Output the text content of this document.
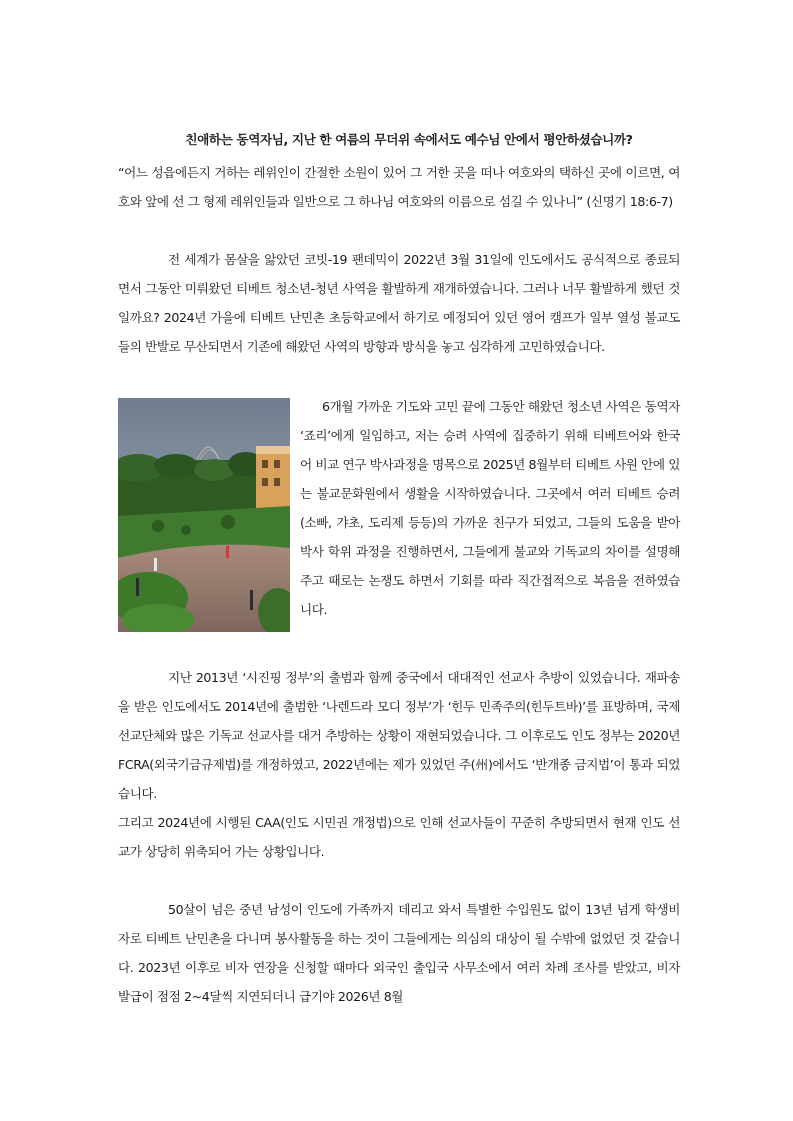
친애하는 동역자님, 지난 한 여름의 무더위 속에서도 예수님 안에서 평안하셨습니까?

“어느 성읍에든지 거하는 레위인이 간절한 소원이 있어 그 거한 곳을 떠나 여호와의 택하신 곳에 이르면, 여호와 앞에 선 그 형제 레위인들과 일반으로 그 하나님 여호와의 이름으로 섬길 수 있나니” (신명기 18:6-7)

전 세계가 몸살을 앓았던 코빗-19 팬데믹이 2022년 3월 31일에 인도에서도 공식적으로 종료되면서 그동안 미뤄왔던 티베트 청소년-청년 사역을 활발하게 재개하였습니다. 그러나 너무 활발하게 했던 것일까요? 2024년 가을에 티베트 난민촌 초등학교에서 하기로 예정되어 있던 영어 캠프가 일부 열성 불교도들의 반발로 무산되면서 기존에 해왔던 사역의 방향과 방식을 놓고 심각하게 고민하였습니다.

6개월 가까운 기도와 고민 끝에 그동안 해왔던 청소년 사역은 동역자 ‘죠리’에게 일임하고, 저는 승려 사역에 집중하기 위해 티베트어와 한국어 비교 연구 박사과정을 명목으로 2025년 8월부터 티베트 사원 안에 있는 불교문화원에서 생활을 시작하였습니다. 그곳에서 여러 티베트 승려(소빠, 갸초, 도리제 등등)의 가까운 친구가 되었고, 그들의 도움을 받아 박사 학위 과정을 진행하면서, 그들에게 불교와 기독교의 차이를 설명해 주고 때로는 논쟁도 하면서 기회를 따라 직간접적으로 복음을 전하였습니다.

지난 2013년 ‘시진핑 정부’의 출범과 함께 중국에서 대대적인 선교사 추방이 있었습니다. 재파송을 받은 인도에서도 2014년에 출범한 ‘나렌드라 모디 정부’가 ‘힌두 민족주의(힌두트바)’를 표방하며, 국제 선교단체와 많은 기독교 선교사를 대거 추방하는 상황이 재현되었습니다. 그 이후로도 인도 정부는 2020년 FCRA(외국기금규제법)를 개정하였고, 2022년에는 제가 있었던 주(州)에서도 ‘반개종 금지법’이 통과 되었습니다.

그리고 2024년에 시행된 CAA(인도 시민권 개정법)으로 인해 선교사들이 꾸준히 추방되면서 현재 인도 선교가 상당히 위축되어 가는 상황입니다.

50살이 넘은 중년 남성이 인도에 가족까지 데리고 와서 특별한 수입원도 없이 13년 넘게 학생비자로 티베트 난민촌을 다니며 봉사활동을 하는 것이 그들에게는 의심의 대상이 될 수밖에 없었던 것 같습니다. 2023년 이후로 비자 연장을 신청할 때마다 외국인 출입국 사무소에서 여러 차례 조사를 받았고, 비자 발급이 점점 2~4달씩 지연되더니 급기야 2026년 8월
